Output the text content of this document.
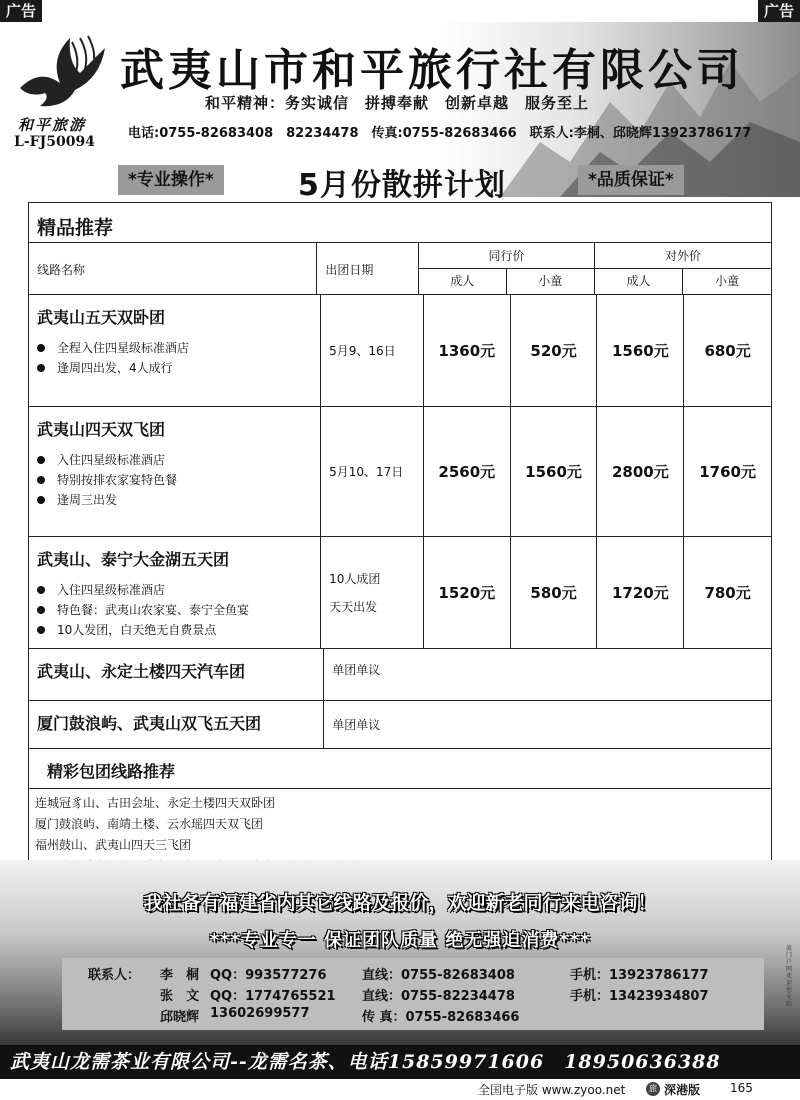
广告	广告
和平旅游
L-FJ50094
武夷山市和平旅行社有限公司
和平精神：务实诚信　拼搏奉献　创新卓越　服务至上
电话:0755-82683408　82234478　传真:0755-82683466　联系人:李桐、邱晓辉13923786177
*专业操作*	5月份散拼计划	*品质保证*
精品推荐
线路名称	出团日期
同行价
成人	小童
对外价
成人	小童
武夷山五天双卧团
全程入住四星级标准酒店
逢周四出发，4人成行
5月9、16日	1360元	520元	1560元	680元
武夷山四天双飞团
入住四星级标准酒店
特别按排农家宴特色餐
逢周三出发
5月10、17日	2560元	1560元	2800元	1760元
武夷山、泰宁大金湖五天团
入住四星级标准酒店
特色餐：武夷山农家宴、泰宁全鱼宴
10人发团，白天绝无自费景点
10人成团
天天出发
1520元	580元	1720元	780元
武夷山、永定土楼四天汽车团	单团单议
厦门鼓浪屿、武夷山双飞五天团	单团单议
精彩包团线路推荐
连城冠豸山、古田会址、永定土楼四天双卧团
厦门鼓浪屿、南靖土楼、云水瑶四天双飞团
福州鼓山、武夷山四天三飞团
我社备有福建省内其它线路及报价，欢迎新老同行来电咨询！
***专业专一 保证团队质量 绝无强迫消费***
联系人： 李　桐 QQ：993577276	直线：0755-82683408	手机：13923786177
张　文 QQ：1774765521 直线：0755-82234478	手机：13423934807
邱晓辉 13602699577	传 真：0755-82683466
武夷山龙需茶业有限公司--龙需名茶、电话15859971606　18950636388
旅门户网欢迎您光临
全国电子版 www.zyoo.net	旅 深港版 165
